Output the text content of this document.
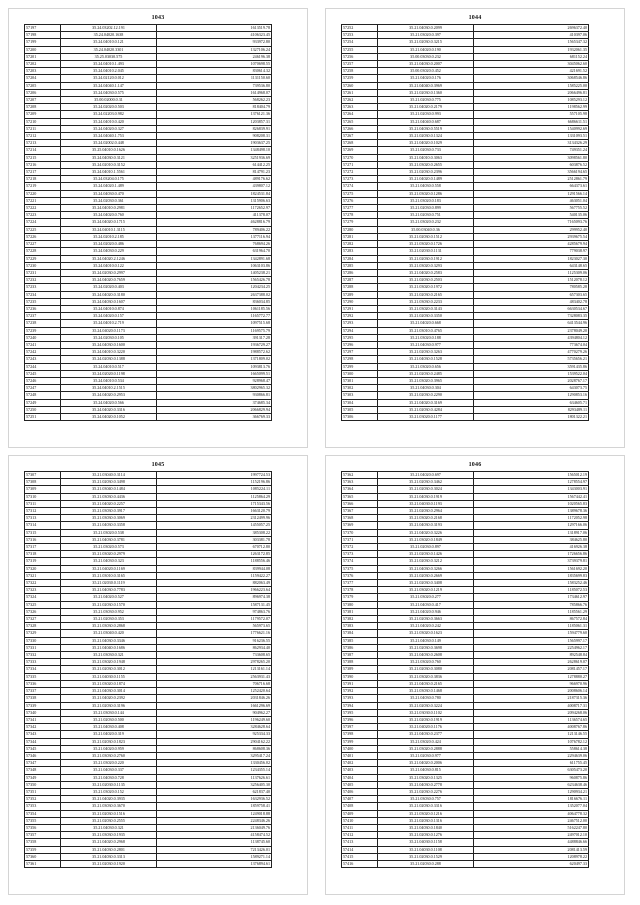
1043
57197	35.24.03202.12.191	1613519.78
57198	35.24.04020.1638	4106323.45
57199	35.24.04010.0.121	933972.80
57200	35.24.04020.3301	1327106.24
57201	35.25.03030.575	246196.38
57202	35.24.04010.1.493	1070698.55
57203	35.24.04010.2.045	830614.32
57204	35.24.02120.0.012	1131150.60
57205	35.24.04040.1.147	739536.80
57206	35.24.04030.0.575	1614968.07
57207	35.00.02000.0.31	568262.23
57208	35.24.02020.0.503	818404.79
57209	35.24.02203.0.982	1376121.36
57210	35.24.04010.0.420	1203857.31
57211	35.24.04020.0.327	826839.91
57212	35.24.04040.1.753	908208.31
57213	35.24.02002.0.448	1903637.25
57214	35.25.04010.0.1626	1348498.10
57215	35.24.04030.0.3121	3251936.69
57216	35.24.02010.0.3152	614412.25
57217	35.24.04010.1.5561	814791.23
57218	35.24.03204.0.175	489176.62
57219	35.24.04020.1.489	439807.12
57220	35.24.04030.0.470	1824531.84
57221	35.24.02030.0.361	1315906.63
57222	35.24.04010.0.2981	1172652.97
57223	35.24.04020.0.760	411378.07
57224	35.24.04020.0.1715	4628816.79
57225	35.24.04010.1.3115	789406.22
57226	35.24.02010.2.185	1377116.94
57227	35.24.02020.0.486	768694.26
57228	35.24.04030.0.229	631964.70
57229	35.24.04020.2.1246	1342891.68
57230	35.24.04010.0.122	1063103.86
57231	35.24.02030.0.2997	1405238.21
57232	35.24.04020.0.7659	1565426.78
57233	35.24.02020.0.403	1204234.25
57234	35.24.04020.0.3180	2637388.02
57235	35.24.04030.0.1607	836034.85
57236	35.24.04010.0.874	1061185.56
57237	35.24.04020.0.157	1165772.77
57238	35.24.04010.2.719	1097515.68
57239	35.24.04020.0.1173	1169575.79
57240	35.24.02030.0.105	391317.28
57241	35.24.04030.0.1600	1936729.27
57242	35.24.04010.0.3220	1988572.62
57243	35.24.02030.0.1388	1371809.02
57244	35.24.04010.0.517	1093813.76
57245	35.24.02020.0.1198	1665099.51
57246	35.24.04010.0.534	928968.47
57247	35.24.04010.2.1515	3802965.32
57248	35.24.04020.0.2953	930866.81
57249	35.24.04020.0.566	374685.34
57250	35.24.04020.0.3316	2066829.94
57251	35.24.04020.0.1052	366769.33
1044
57252	35.21.04030.0.2099	2696372.40
57253	35.21.03020.0.397	410397.06
57254	35.21.02030.0.3215	1565347.32
57255	35.21.04020.0.190	1932061.35
57256	35.00.03030.0.232	681152.24
57257	35.21.04030.0.2007	3045062.60
57258	35.00.03020.0.452	421691.52
57259	35.21.04020.0.176	3068546.86
57260	35.21.04040.0.3969	1585225.00
57261	35.21.02030.0.1360	2066496.81
57262	35.21.02030.0.775	1085293.12
57263	35.21.04020.0.2179	1198562.99
57264	35.21.02030.0.993	557105.98
57265	35.21.04040.0.687	6686611.51
57266	35.21.04030.0.5519	1540992.69
57267	35.21.02030.0.1324	1331093.51
57268	35.21.04020.0.1029	3134326.29
57269	35.21.02030.0.733	749351.24
57270	35.21.04010.0.3063	3098561.80
57271	35.21.03020.0.2655	603876.52
57272	35.21.02030.0.2396	3566194.65
57273	35.21.04020.0.1489	2512861.79
57274	35.21.04030.0.558	664373.61
57275	35.21.03020.0.1286	1291566.14
57276	35.21.03020.0.183	463051.04
57277	35.21.02030.0.899	567755.52
57278	35.21.02030.0.751	540135.06
57279	35.21.03020.0.232	7165093.76
57280	35.00.03040.0.36	299952.40
57281	35.21.02030.0.1512	2939675.54
57282	35.21.03020.0.1726	4285679.94
57283	35.21.02030.0.1131	779038.97
57284	35.21.02030.0.1912	1823027.30
57285	35.21.03020.0.3293	643148.65
57286	35.21.04020.0.2583	1125309.06
57287	35.21.02030.0.2503	1512078.12
57288	35.21.03020.0.1972	780585.28
57289	35.21.02030.0.2165	657303.65
57290	35.21.03030.0.2233	483402.78
57291	35.21.03020.0.3143	6630534.67
57292	35.21.02030.0.3350	7328083.35
57293	35.21.04020.0.668	6413544.96
57294	35.21.03010.0.4765	2378049.20
57295	35.21.03020.0.188	4394804.12
57296	35.21.04030.0.977	773674.04
57297	35.21.02030.0.3263	4770279.26
57298	35.21.04030.0.1528	5735656.21
57299	35.21.03020.0.656	3591435.86
57300	35.21.02030.0.2485	1539522.04
57301	35.21.03020.0.3965	2028767.17
57302	35.21.04030.0.304	643073.75
57303	35.21.02030.0.2290	1290853.16
57304	35.21.04020.0.3169	634605.71
57305	35.21.02030.0.4284	8293489.11
57306	35.21.03020.0.1177	1801322.21
1045
57307	35.21.03040.0.3114	1997724.53
57308	35.21.02030.0.3498	1152196.86
57309	35.21.03040.0.1484	1085224.11
57310	35.21.03030.0.4436	1125864.29
57311	35.21.04020.0.2257	1715343.56
57312	35.21.03030.0.3917	1663120.79
57313	35.21.03030.0.3069	2312499.96
57314	35.21.04030.0.3358	1455057.25
57315	35.21.03020.0.538	385308.22
57316	35.21.04030.0.3781	303381.78
57317	35.21.03020.0.573	670712.80
57318	35.21.03020.0.2979	1263172.85
57319	35.21.04030.0.323	1188556.46
57320	35.21.04020.0.1169	839944.08
57321	35.21.03010.0.3165	1159422.27
57322	35.21.02030.0.1119	882063.49
57323	35.21.04030.0.7783	1966223.64
57324	35.21.04020.0.527	896974.38
57325	35.21.02030.0.1570	1587131.45
57326	35.21.03030.0.952	974863.76
57327	35.21.02030.0.353	1179572.07
57328	35.21.03030.0.2868	565973.65
57329	35.21.03040.0.420	1776621.16
57330	35.21.04030.0.3346	916236.55
57331	35.21.04040.0.1686	862934.40
57332	35.21.03030.0.321	733608.65
57333	35.21.03020.0.1948	2978265.20
57334	35.21.02030.0.3012	1213161.14
57335	35.21.04030.0.1155	2563931.43
57336	35.21.03020.0.1874	706716.68
57337	35.21.04030.0.3014	1252420.64
57338	35.21.04020.0.2392	2031846.26
57339	35.21.02030.0.3196	1661296.69
57340	35.21.03030.0.144	904962.27
57341	35.21.02030.0.500	1196249.60
57342	35.21.04030.0.408	3284628.64
57343	35.21.04020.0.319	925334.33
57344	35.21.02030.0.1823	2904162.22
57345	35.21.04020.0.959	868608.36
57346	35.21.03030.0.2760	3295417.24
57347	35.21.03020.0.220	1330456.02
57348	35.21.04030.0.337	1234355.14
57349	35.21.04030.0.728	1137626.61
57350	35.21.02030.0.1135	3256405.30
57351	35.21.03020.0.152	621837.40
57352	35.21.04020.0.3935	1632936.52
57353	35.21.03030.0.3670	1859758.41
57354	35.21.02030.0.1516	1249018.88
57355	35.21.02030.0.2555	2248346.26
57356	35.21.04030.0.321	2136049.76
57357	35.21.03030.0.1935	4158474.52
57358	35.21.04020.0.2968	1138745.60
57359	35.21.04030.0.2801	7213426.01
57360	35.21.04030.0.3313	1589271.14
57361	35.21.02030.0.1920	1376894.61
1046
57362	35.21.04020.0.697	1565012.19
57363	35.21.02030.0.3462	1278554.97
57364	35.21.02030.0.3024	1343003.91
57365	35.21.04030.0.1919	1567442.41
57366	35.21.04030.0.1193	1020565.83
57367	35.21.02030.0.2964	1389678.36
57368	35.21.03020.0.2168	1172052.98
57369	35.21.04030.0.3193	1297166.06
57370	35.21.04020.0.3226	1318917.06
57371	35.21.03020.0.1849	384625.80
57372	35.21.02030.0.897	416926.38
57373	35.21.02030.0.1426	1726656.86
57374	35.21.02030.0.3212	3739379.81
57375	35.21.04030.0.3266	1561692.20
57376	35.21.02030.0.2669	1835699.83
57377	35.21.02030.0.3408	1583252.46
57378	35.21.03020.0.1219	1185072.53
57379	35.21.03020.0.277	1734612.97
57380	35.21.04030.0.417	785866.76
57381	35.21.04020.0.946	1185561.29
57382	35.21.02030.0.3663	867572.84
57383	35.21.04020.0.242	1185061.31
57384	35.21.03020.0.1623	1594779.60
57385	35.21.04030.0.149	1565997.17
57386	35.21.02030.0.3698	2254962.17
57387	35.21.04030.0.2608	892548.84
57388	35.21.03020.0.760	2628619.07
57389	35.21.02030.0.3080	2081457.17
57390	35.21.03020.0.3836	1278880.27
57391	35.21.04030.0.2165	966970.96
57392	35.21.03030.0.1468	2008606.14
57393	35.21.04030.0.780	2187315.36
57394	35.21.02030.0.3224	4008717.31
57395	35.21.03030.0.1102	2094268.06
57396	35.21.02030.0.1919	1136574.65
57397	35.21.04020.0.1176	4008767.86
57398	35.21.04030.0.2377	1213146.55
57399	35.21.03020.0.424	1076782.12
57400	35.21.03020.0.2888	558614.38
57401	35.21.02030.0.977	2294639.06
57402	35.21.04020.0.2006	611755.45
57403	35.21.04030.0.815	6305473.20
57404	35.21.03020.0.1325	960875.86
57405	35.21.04030.0.2778	6234638.46
57406	35.21.02030.0.2276	1290934.21
57407	35.21.03030.0.757	1816676.11
57408	35.21.02030.0.3316	1352077.04
57409	35.21.03020.0.1216	4064778.32
57410	35.21.02030.0.1316	2467512.00
57411	35.21.04030.0.1840	5162247.80
57412	35.21.02030.0.1276	2497012.10
57413	35.21.04030.0.1158	4488846.66
57414	35.21.04030.0.1108	2081413.59
57415	35.21.02030.0.1529	1208978.22
57416	35.21.02030.0.288	620497.33
